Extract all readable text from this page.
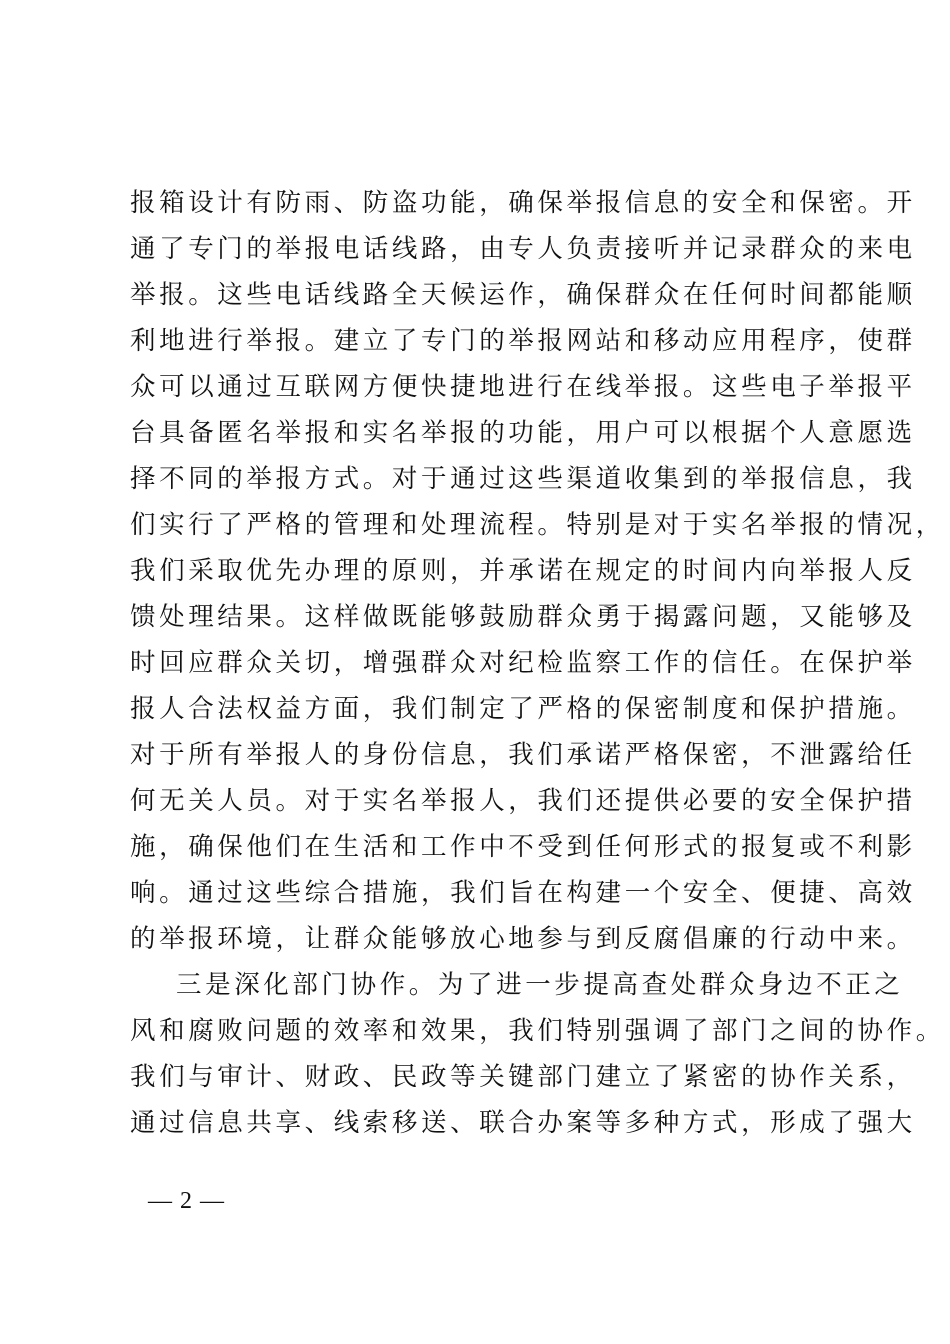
报箱设计有防雨、防盗功能，确保举报信息的安全和保密。开
通了专门的举报电话线路，由专人负责接听并记录群众的来电
举报。这些电话线路全天候运作，确保群众在任何时间都能顺
利地进行举报。建立了专门的举报网站和移动应用程序，使群
众可以通过互联网方便快捷地进行在线举报。这些电子举报平
台具备匿名举报和实名举报的功能，用户可以根据个人意愿选
择不同的举报方式。对于通过这些渠道收集到的举报信息，我
们实行了严格的管理和处理流程。特别是对于实名举报的情况，
我们采取优先办理的原则，并承诺在规定的时间内向举报人反
馈处理结果。这样做既能够鼓励群众勇于揭露问题，又能够及
时回应群众关切，增强群众对纪检监察工作的信任。在保护举
报人合法权益方面，我们制定了严格的保密制度和保护措施。
对于所有举报人的身份信息，我们承诺严格保密，不泄露给任
何无关人员。对于实名举报人，我们还提供必要的安全保护措
施，确保他们在生活和工作中不受到任何形式的报复或不利影
响。通过这些综合措施，我们旨在构建一个安全、便捷、高效
的举报环境，让群众能够放心地参与到反腐倡廉的行动中来。
三是深化部门协作。为了进一步提高查处群众身边不正之
风和腐败问题的效率和效果，我们特别强调了部门之间的协作。
我们与审计、财政、民政等关键部门建立了紧密的协作关系，
通过信息共享、线索移送、联合办案等多种方式，形成了强大
— 2 —
